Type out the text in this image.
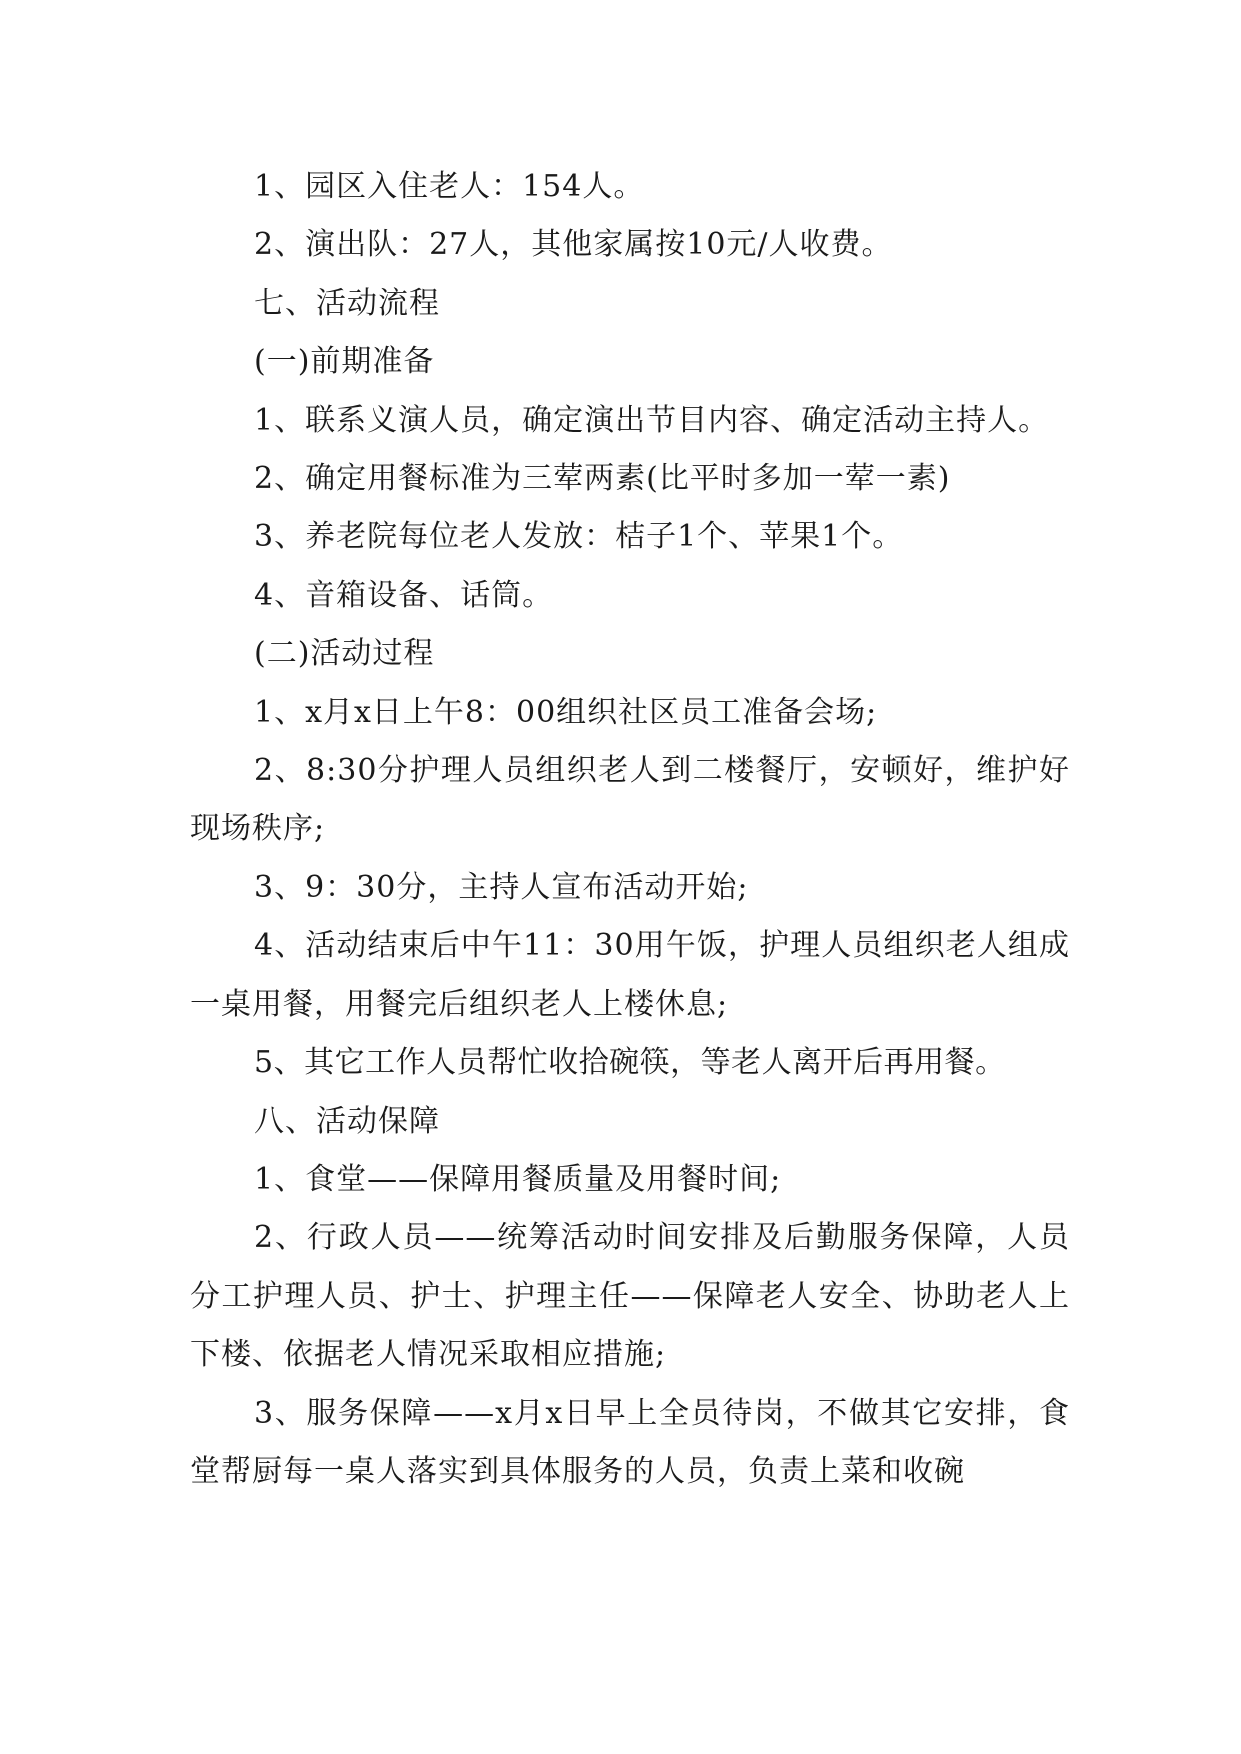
1、园区入住老人：154人。

2、演出队：27人，其他家属按10元/人收费。

七、活动流程

(一)前期准备

1、联系义演人员，确定演出节目内容、确定活动主持人。

2、确定用餐标准为三荤两素(比平时多加一荤一素)

3、养老院每位老人发放：桔子1个、苹果1个。

4、音箱设备、话筒。

(二)活动过程

1、x月x日上午8：00组织社区员工准备会场;

2、8:30分护理人员组织老人到二楼餐厅，安顿好，维护好现场秩序;

3、9：30分，主持人宣布活动开始;

4、活动结束后中午11：30用午饭，护理人员组织老人组成一桌用餐，用餐完后组织老人上楼休息;

5、其它工作人员帮忙收拾碗筷，等老人离开后再用餐。

八、活动保障

1、食堂——保障用餐质量及用餐时间;

2、行政人员——统筹活动时间安排及后勤服务保障，人员分工护理人员、护士、护理主任——保障老人安全、协助老人上下楼、依据老人情况采取相应措施;

3、服务保障——x月x日早上全员待岗，不做其它安排，食堂帮厨每一桌人落实到具体服务的人员，负责上菜和收碗
